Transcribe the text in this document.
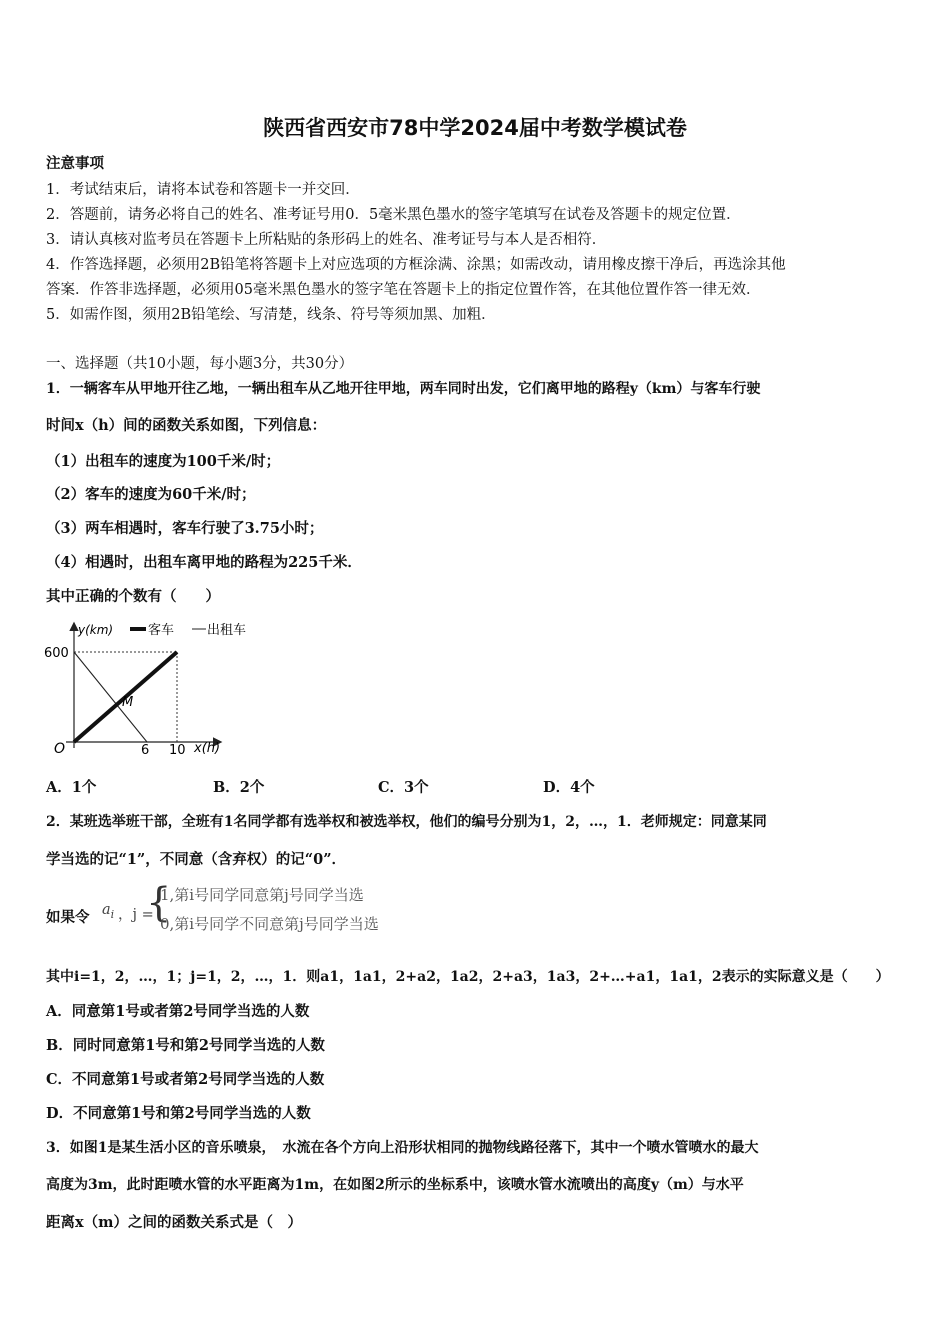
陕西省西安市78中学2024届中考数学模试卷
注意事项
1．考试结束后，请将本试卷和答题卡一并交回．
2．答题前，请务必将自己的姓名、准考证号用0．5毫米黑色墨水的签字笔填写在试卷及答题卡的规定位置．
3．请认真核对监考员在答题卡上所粘贴的条形码上的姓名、准考证号与本人是否相符．
4．作答选择题，必须用2B铅笔将答题卡上对应选项的方框涂满、涂黑；如需改动，请用橡皮擦干净后，再选涂其他
答案．作答非选择题，必须用05毫米黑色墨水的签字笔在答题卡上的指定位置作答，在其他位置作答一律无效．
5．如需作图，须用2B铅笔绘、写清楚，线条、符号等须加黑、加粗．
一、选择题（共10小题，每小题3分，共30分）
1．一辆客车从甲地开往乙地，一辆出租车从乙地开往甲地，两车同时出发，它们离甲地的路程y（km）与客车行驶
时间x（h）间的函数关系如图，下列信息：
（1）出租车的速度为100千米/时；
（2）客车的速度为60千米/时；
（3）两车相遇时，客车行驶了3.75小时；
（4）相遇时，出租车离甲地的路程为225千米．
其中正确的个数有（　　）
y(km)	客车	出租车
600
O	6 10 x(h)
M
A．1个	B．2个	C．3个	D．4个
2．某班选举班干部，全班有1名同学都有选举权和被选举权，他们的编号分别为1，2，…，1．老师规定：同意某同
学当选的记“1”，不同意（含弃权）的记“0”．
如果令 $a_i$ ，j =
{
1,第i号同学同意第j号同学当选
0,第i号同学不同意第j号同学当选
其中i=1，2，…，1；j=1，2，…，1．则a1，1a1，2+a2，1a2，2+a3，1a3，2+…+a1，1a1，2表示的实际意义是（　　）
A．同意第1号或者第2号同学当选的人数
B．同时同意第1号和第2号同学当选的人数
C．不同意第1号或者第2号同学当选的人数
D．不同意第1号和第2号同学当选的人数
3．如图1是某生活小区的音乐喷泉，　水流在各个方向上沿形状相同的抛物线路径落下，其中一个喷水管喷水的最大
高度为3m，此时距喷水管的水平距离为1m，在如图2所示的坐标系中，该喷水管水流喷出的高度y（m）与水平
距离x（m）之间的函数关系式是（　）
